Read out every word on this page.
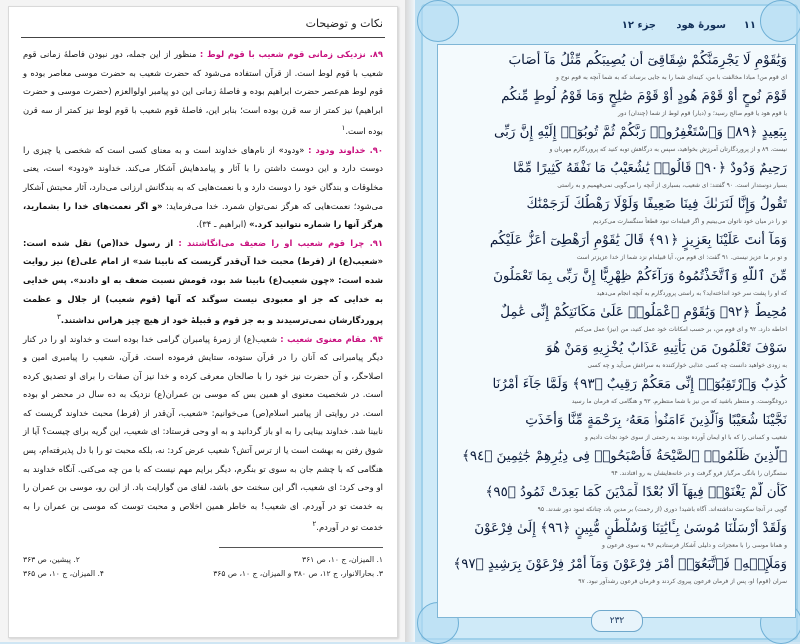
نکات و توضیحات

۸۹. نزدیکی زمانی قوم شعیب با قوم لوط : منظور از این جمله، دور نبودن فاصلهٔ زمانی قوم شعیب با قوم لوط است. از قرآن استفاده می‌شود که حضرت شعیب به حضرت موسی معاصر بوده و قوم لوط هم‌عصر حضرت ابراهیم بوده و فاصلهٔ زمانی این دو پیامبر اولوالعزم (حضرت موسی و حضرت ابراهیم) نیز کمتر از سه قرن بوده است؛ بنابر این، فاصلهٔ قوم شعیب با قوم لوط نیز کمتر از سه قرن بوده است.$^۱$

۹۰. خداوند ودود : «ودود» از نام‌های خداوند است و به معنای کسی است که شخصی یا چیزی را دوست دارد و این دوست داشتن را با آثار و پیامدهایش آشکار می‌کند. خداوند «ودود» است، یعنی مخلوقات و بندگان خود را دوست دارد و با نعمت‌هایی که به بندگانش ارزانی می‌دارد، آثار محبتش آشکار می‌شود؛ نعمت‌هایی که هرگز نمی‌توان شمرد. خدا می‌فرماید: «و اگر نعمت‌های خدا را بشمارید، هرگز آنها را شماره نتوانید کرد.» (ابراهیم ـ ۳۴).

۹۱. چرا قوم شعیب او را ضعیف می‌انگاشتند : از رسول خدا(ص) نقل شده است: «شعیب(ع) از (فرط) محبت خدا آن‌قدر گریست که نابینا شد» از امام علی(ع) نیز روایت شده است: «چون شعیب(ع) نابینا شد بود، قومش نسبت ضعف به او دادند». پس خدایی به خدایی که جز او معبودی نیست سوگند که آنها (قوم شعیب) از جلال و عظمت پروردگارشان نمی‌ترسیدند و به جز قوم و قبیلهٔ خود از هیچ چیز هراس نداشتند.$^۳$

۹۴. مقام معنوی شعیب : شعیب(ع) از زمرهٔ پیامبران گرامی خدا بوده است و خداوند او را در کنار دیگر پیامبرانی که آنان را در قرآن ستوده، ستایش فرموده است. قرآن، شعیب را پیامبری امین و اصلاحگر، و آن حضرت نیز خود را با صالحان معرفی کرده و خدا نیز آن صفات را برای او تصدیق کرده است. در شخصیت معنوی او همین بس که موسی بن عمران(ع) نزدیک به ده سال در محضر او بوده است. در روایتی از پیامبر اسلام(ص) می‌خوانیم: «شعیب، آن‌قدر از (فرط) محبت خداوند گریست که نابینا شد. خداوند بینایی را به او باز گردانید و به او وحی فرستاد: ای شعیب، این گریه برای چیست؟ آیا از شوق رفتن به بهشت است یا از ترس آتش؟ شعیب عرض کرد: نه، بلکه محبت تو را با دل پذیرفته‌ام، پس هنگامی که با چشم جان به سوی تو بنگرم، دیگر برایم مهم نیست که با من چه می‌کنی. آنگاه خداوند به او وحی کرد: ای شعیب، اگر این سخنت حق باشد، لقای من گوارایت باد. از این رو، موسی بن عمران را به خدمت تو در آوردم. ای شعیب! به خاطر همین اخلاص و محبت توست که موسی بن عمران را به خدمت تو در آوردم.$^۲$

۱. المیزان، ج ۱۰، ص ۳۶۱
۲. پیشین، ص ۳۶۳
۳. بحارالانوار، ج ۱۲، ص ۳۸۰ و المیزان، ج ۱۰، ص ۳۶۵
۴. المیزان، ج ۱۰، ص ۳۶۵
جزء ۱۲ سورهٔ هود ۱۱
وَيَٰقَوْمِ لَا يَجْرِمَنَّكُمْ شِقَاقِىٓ أَن يُصِيبَكُم مِّثْلُ مَآ أَصَابَ
ای قوم من! مبادا مخالفت با من، کینه‌ای شما را به جایی برساند که به شما آنچه به قوم نوح و
قَوْمَ نُوحٍ أَوْ قَوْمَ هُودٍ أَوْ قَوْمَ صَٰلِحٍ وَمَا قَوْمُ لُوطٍ مِّنكُم
یا قوم هود یا قوم صالح رسید؛ و (دیار) قوم لوط از شما (چندان) دور
بِبَعِيدٍ ﴿٨٩﴾ وَٱسْتَغْفِرُوا۟ رَبَّكُمْ ثُمَّ تُوبُوٓا۟ إِلَيْهِ إِنَّ رَبِّى
نیست. ۸۹ و از پروردگارتان آمرزش بخواهید، سپس به درگاهش توبه کنید که پروردگارم مهربان و
رَحِيمٌ وَدُودٌ ﴿٩٠﴾ قَالُوا۟ يَٰشُعَيْبُ مَا نَفْقَهُ كَثِيرًا مِّمَّا
بسیار دوستدار است. ۹۰ گفتند: ای شعیب، بسیاری از آنچه را می‌گویی نمی‌فهمیم و به راستی
تَقُولُ وَإِنَّا لَنَرَىٰكَ فِينَا ضَعِيفًا وَلَوْلَا رَهْطُكَ لَرَجَمْنَٰكَ
تو را در میان خود ناتوان می‌بینیم و اگر قبیله‌ات نبود قطعاً سنگسارت می‌کردیم
وَمَآ أَنتَ عَلَيْنَا بِعَزِيزٍ ﴿٩١﴾ قَالَ يَٰقَوْمِ أَرَهْطِىٓ أَعَزُّ عَلَيْكُم
و تو بر ما عزیز نیستی. ۹۱ گفت: ای قوم من، آیا قبیله‌ام نزد شما از خدا عزیزتر است
مِّنَ ٱللَّهِ وَٱتَّخَذْتُمُوهُ وَرَآءَكُمْ ظِهْرِيًّا إِنَّ رَبِّى بِمَا تَعْمَلُونَ
که او را پشت سر خود انداخته‌اید؟ به راستی پروردگارم به آنچه انجام می‌دهید
مُحِيطٌ ﴿٩٢﴾ وَيَٰقَوْمِ ٱعْمَلُوا۟ عَلَىٰ مَكَانَتِكُمْ إِنِّى عَٰمِلٌ
احاطه دارد. ۹۲ و ای قوم من، بر حسب امکانات خود عمل کنید، من (نیز) عمل می‌کنم
سَوْفَ تَعْلَمُونَ مَن يَأْتِيهِ عَذَابٌ يُخْزِيهِ وَمَنْ هُوَ
به زودی خواهید دانست چه کسی عذابی خوارکننده به سراغش می‌آید و چه کسی
كَٰذِبٌ وَٱرْتَقِبُوٓا۟ إِنِّى مَعَكُمْ رَقِيبٌ ﴿٩٣﴾ وَلَمَّا جَآءَ أَمْرُنَا
دروغگوست. و منتظر باشید که من نیز با شما منتظرم. ۹۳ و هنگامی که فرمان ما رسید
نَجَّيْنَا شُعَيْبًا وَٱلَّذِينَ ءَامَنُوا۟ مَعَهُۥ بِرَحْمَةٍ مِّنَّا وَأَخَذَتِ
شعیب و کسانی را که با او ایمان آورده بودند به رحمتی از سوی خود نجات دادیم و
ٱلَّذِينَ ظَلَمُوا۟ ٱلصَّيْحَةُ فَأَصْبَحُوا۟ فِى دِيَٰرِهِمْ جَٰثِمِينَ ﴿٩٤﴾
ستمگران را بانگی مرگبار فرو گرفت و در خانه‌هایشان به رو افتادند. ۹۴
كَأَن لَّمْ يَغْنَوْا۟ فِيهَآ أَلَا بُعْدًا لِّمَدْيَنَ كَمَا بَعِدَتْ ثَمُودُ ﴿٩٥﴾
گویی در آنجا سکونت نداشته‌اند. آگاه باشید! دوری (از رحمت) بر مدین باد، چنانکه ثمود دور شدند. ۹۵
وَلَقَدْ أَرْسَلْنَا مُوسَىٰ بِـَٔايَٰتِنَا وَسُلْطَٰنٍ مُّبِينٍ ﴿٩٦﴾ إِلَىٰ فِرْعَوْنَ
و همانا موسی را با معجزات و دلیلی آشکار فرستادیم ۹۶ به سوی فرعون و
وَمَلَإِي۟هِۦ فَٱتَّبَعُوٓا۟ أَمْرَ فِرْعَوْنَ وَمَآ أَمْرُ فِرْعَوْنَ بِرَشِيدٍ ﴿٩٧﴾
سران (قوم) او، پس از فرمان فرعون پیروی کردند و فرمان فرعون رشدآور نبود. ۹۷
۲۳۲
